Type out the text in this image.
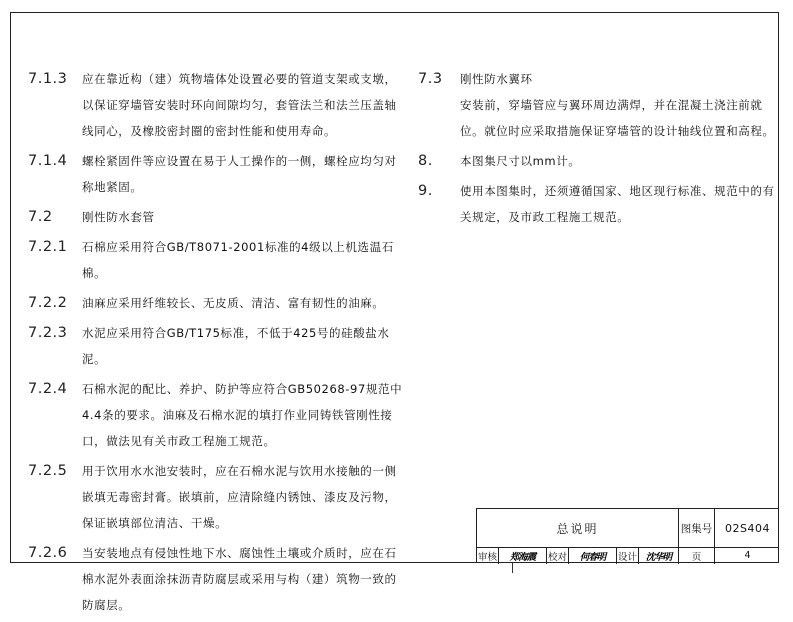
7.1.3 应在靠近构（建）筑物墙体处设置必要的管道支架或支墩，以保证穿墙管安装时环向间隙均匀，套管法兰和法兰压盖轴线同心，及橡胶密封圈的密封性能和使用寿命。
7.1.4 螺栓紧固件等应设置在易于人工操作的一侧，螺栓应均匀对称地紧固。
7.2	刚性防水套管
7.2.1 石棉应采用符合GB/T8071-2001标准的4级以上机选温石棉。
7.2.2 油麻应采用纤维较长、无皮质、清洁、富有韧性的油麻。
7.2.3 水泥应采用符合GB/T175标准，不低于425号的硅酸盐水泥。
7.2.4 石棉水泥的配比、养护、防护等应符合GB50268-97规范中4.4条的要求。油麻及石棉水泥的填打作业同铸铁管刚性接口，做法见有关市政工程施工规范。
7.2.5 用于饮用水水池安装时，应在石棉水泥与饮用水接触的一侧嵌填无毒密封膏。嵌填前，应清除缝内锈蚀、漆皮及污物，保证嵌填部位清洁、干燥。
7.2.6 当安装地点有侵蚀性地下水、腐蚀性土壤或介质时，应在石棉水泥外表面涂抹沥青防腐层或采用与构（建）筑物一致的防腐层。
7.3 刚性防水翼环
安装前，穿墙管应与翼环周边满焊，并在混凝土浇注前就位。就位时应采取措施保证穿墙管的设计轴线位置和高程。
8. 本图集尺寸以mm计。
9. 使用本图集时，还须遵循国家、地区现行标准、规范中的有关规定，及市政工程施工规范。
总说明	图集号	02S404
审核	郑海震	校对	何春明	设计 沈华明	页	4
